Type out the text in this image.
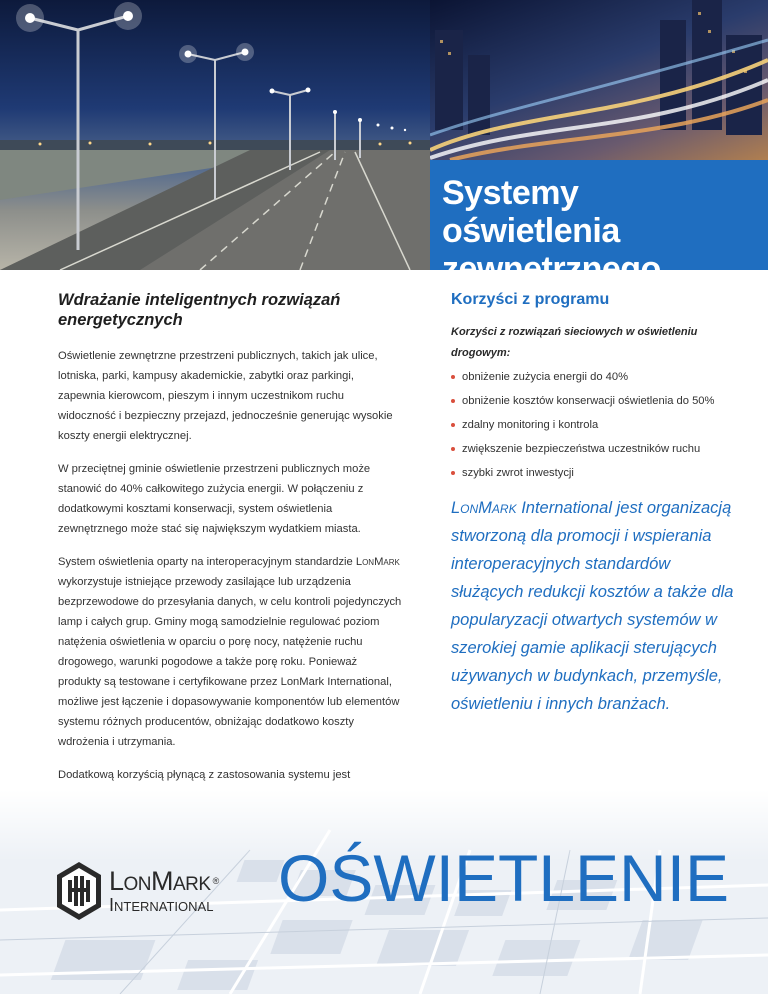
Systemy oświetlenia zewnętrznego
Wdrażanie inteligentnych rozwiązań energetycznych

Oświetlenie zewnętrzne przestrzeni publicznych, takich jak ulice, lotniska, parki, kampusy akademickie, zabytki oraz parkingi, zapewnia kierowcom, pieszym i innym uczestnikom ruchu widoczność i bezpieczny przejazd, jednocześnie generując wysokie koszty energii elektrycznej.

W przeciętnej gminie oświetlenie przestrzeni publicznych może stanowić do 40% całkowitego zużycia energii. W połączeniu z dodatkowymi kosztami konserwacji, system oświetlenia zewnętrznego może stać się największym wydatkiem miasta.

System oświetlenia oparty na interoperacyjnym standardzie LonMark wykorzystuje istniejące przewody zasilające lub urządzenia bezprzewodowe do przesyłania danych, w celu kontroli pojedynczych lamp i całych grup. Gminy mogą samodzielnie regulować poziom natężenia oświetlenia w oparciu o porę nocy, natężenie ruchu drogowego, warunki pogodowe a także porę roku. Ponieważ produkty są testowane i certyfikowane przez LonMark International, możliwe jest łączenie i dopasowywanie komponentów lub elementów systemu różnych producentów, obniżając dodatkowo koszty wdrożenia i utrzymania.

Dodatkową korzyścią płynącą z zastosowania systemu jest

Korzyści z programu

Korzyści z rozwiązań sieciowych w oświetleniu drogowym:

obniżenie zużycia energii do 40%
obniżenie kosztów konserwacji oświetlenia do 50%
zdalny monitoring i kontrola
zwiększenie bezpieczeństwa uczestników ruchu
szybki zwrot inwestycji

LonMark International jest organizacją stworzoną dla promocji i wspierania interoperacyjnych standardów służących redukcji kosztów a także dla popularyzacji otwartych systemów w szerokiej gamie aplikacji sterujących używanych w budynkach, przemyśle, oświetleniu i innych branżach.

LonMark ®
International OŚWIETLENIE
